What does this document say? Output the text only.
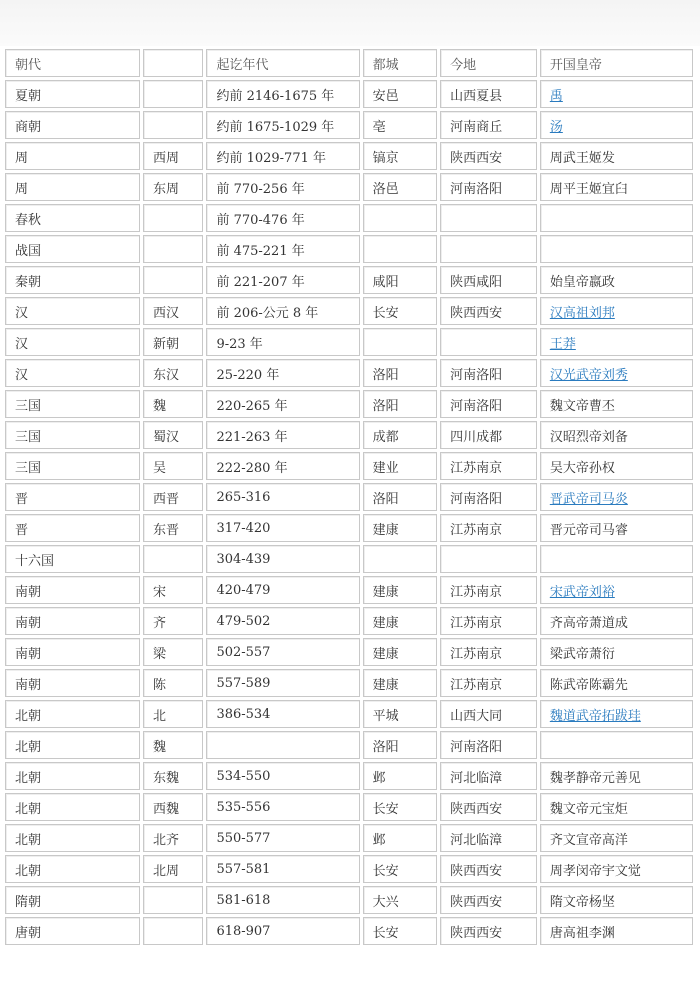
朝代		起讫年代	都城	今地	开国皇帝
夏朝		约前 2146-1675 年	安邑	山西夏县	禹
商朝		约前 1675-1029 年	亳	河南商丘	汤
周	西周	约前 1029-771 年	镐京	陕西西安	周武王姬发
周	东周	前 770-256 年	洛邑	河南洛阳	周平王姬宜臼
春秋		前 770-476 年			
战国		前 475-221 年			
秦朝		前 221-207 年	咸阳	陕西咸阳	始皇帝嬴政
汉	西汉	前 206-公元 8 年	长安	陕西西安	汉高祖刘邦
汉	新朝	9-23 年			王莽
汉	东汉	25-220 年	洛阳	河南洛阳	汉光武帝刘秀
三国	魏	220-265 年	洛阳	河南洛阳	魏文帝曹丕
三国	蜀汉	221-263 年	成都	四川成都	汉昭烈帝刘备
三国	吴	222-280 年	建业	江苏南京	吴大帝孙权
晋	西晋	265-316	洛阳	河南洛阳	晋武帝司马炎
晋	东晋	317-420	建康	江苏南京	晋元帝司马睿
十六国		304-439			
南朝	宋	420-479	建康	江苏南京	宋武帝刘裕
南朝	齐	479-502	建康	江苏南京	齐高帝萧道成
南朝	梁	502-557	建康	江苏南京	梁武帝萧衍
南朝	陈	557-589	建康	江苏南京	陈武帝陈霸先
北朝	北	386-534	平城	山西大同	魏道武帝拓跋珪
北朝	魏		洛阳	河南洛阳	
北朝	东魏	534-550	邺	河北临漳	魏孝静帝元善见
北朝	西魏	535-556	长安	陕西西安	魏文帝元宝炬
北朝	北齐	550-577	邺	河北临漳	齐文宣帝高洋
北朝	北周	557-581	长安	陕西西安	周孝闵帝宇文觉
隋朝		581-618	大兴	陕西西安	隋文帝杨坚
唐朝		618-907	长安	陕西西安	唐高祖李渊
